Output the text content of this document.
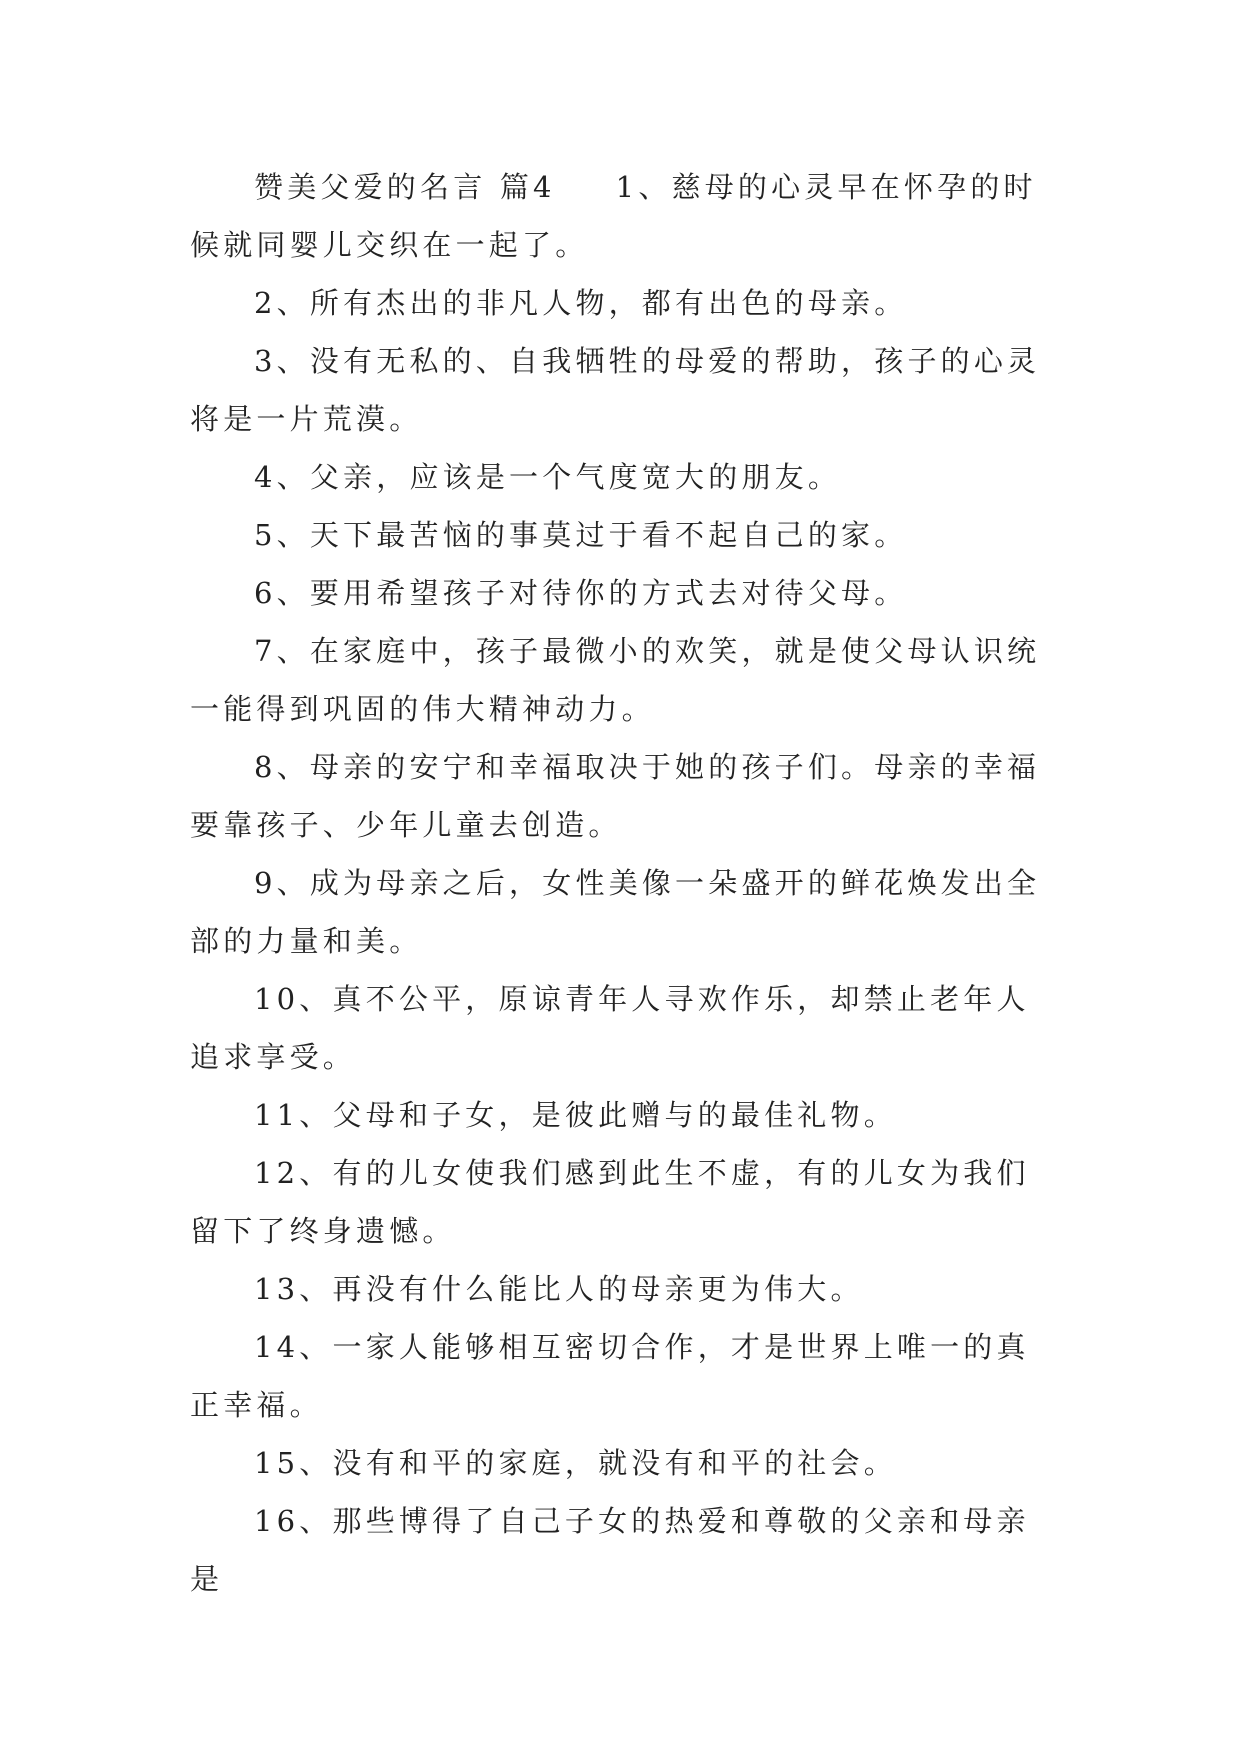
赞美父爱的名言 篇4 1、慈母的心灵早在怀孕的时候就同婴儿交织在一起了。

2、所有杰出的非凡人物，都有出色的母亲。

3、没有无私的、自我牺牲的母爱的帮助，孩子的心灵将是一片荒漠。

4、父亲，应该是一个气度宽大的朋友。

5、天下最苦恼的事莫过于看不起自己的家。

6、要用希望孩子对待你的方式去对待父母。

7、在家庭中，孩子最微小的欢笑，就是使父母认识统一能得到巩固的伟大精神动力。

8、母亲的安宁和幸福取决于她的孩子们。母亲的幸福要靠孩子、少年儿童去创造。

9、成为母亲之后，女性美像一朵盛开的鲜花焕发出全部的力量和美。

10、真不公平，原谅青年人寻欢作乐，却禁止老年人追求享受。

11、父母和子女，是彼此赠与的最佳礼物。

12、有的儿女使我们感到此生不虚，有的儿女为我们留下了终身遗憾。

13、再没有什么能比人的母亲更为伟大。

14、一家人能够相互密切合作，才是世界上唯一的真正幸福。

15、没有和平的家庭，就没有和平的社会。

16、那些博得了自己子女的热爱和尊敬的父亲和母亲是
